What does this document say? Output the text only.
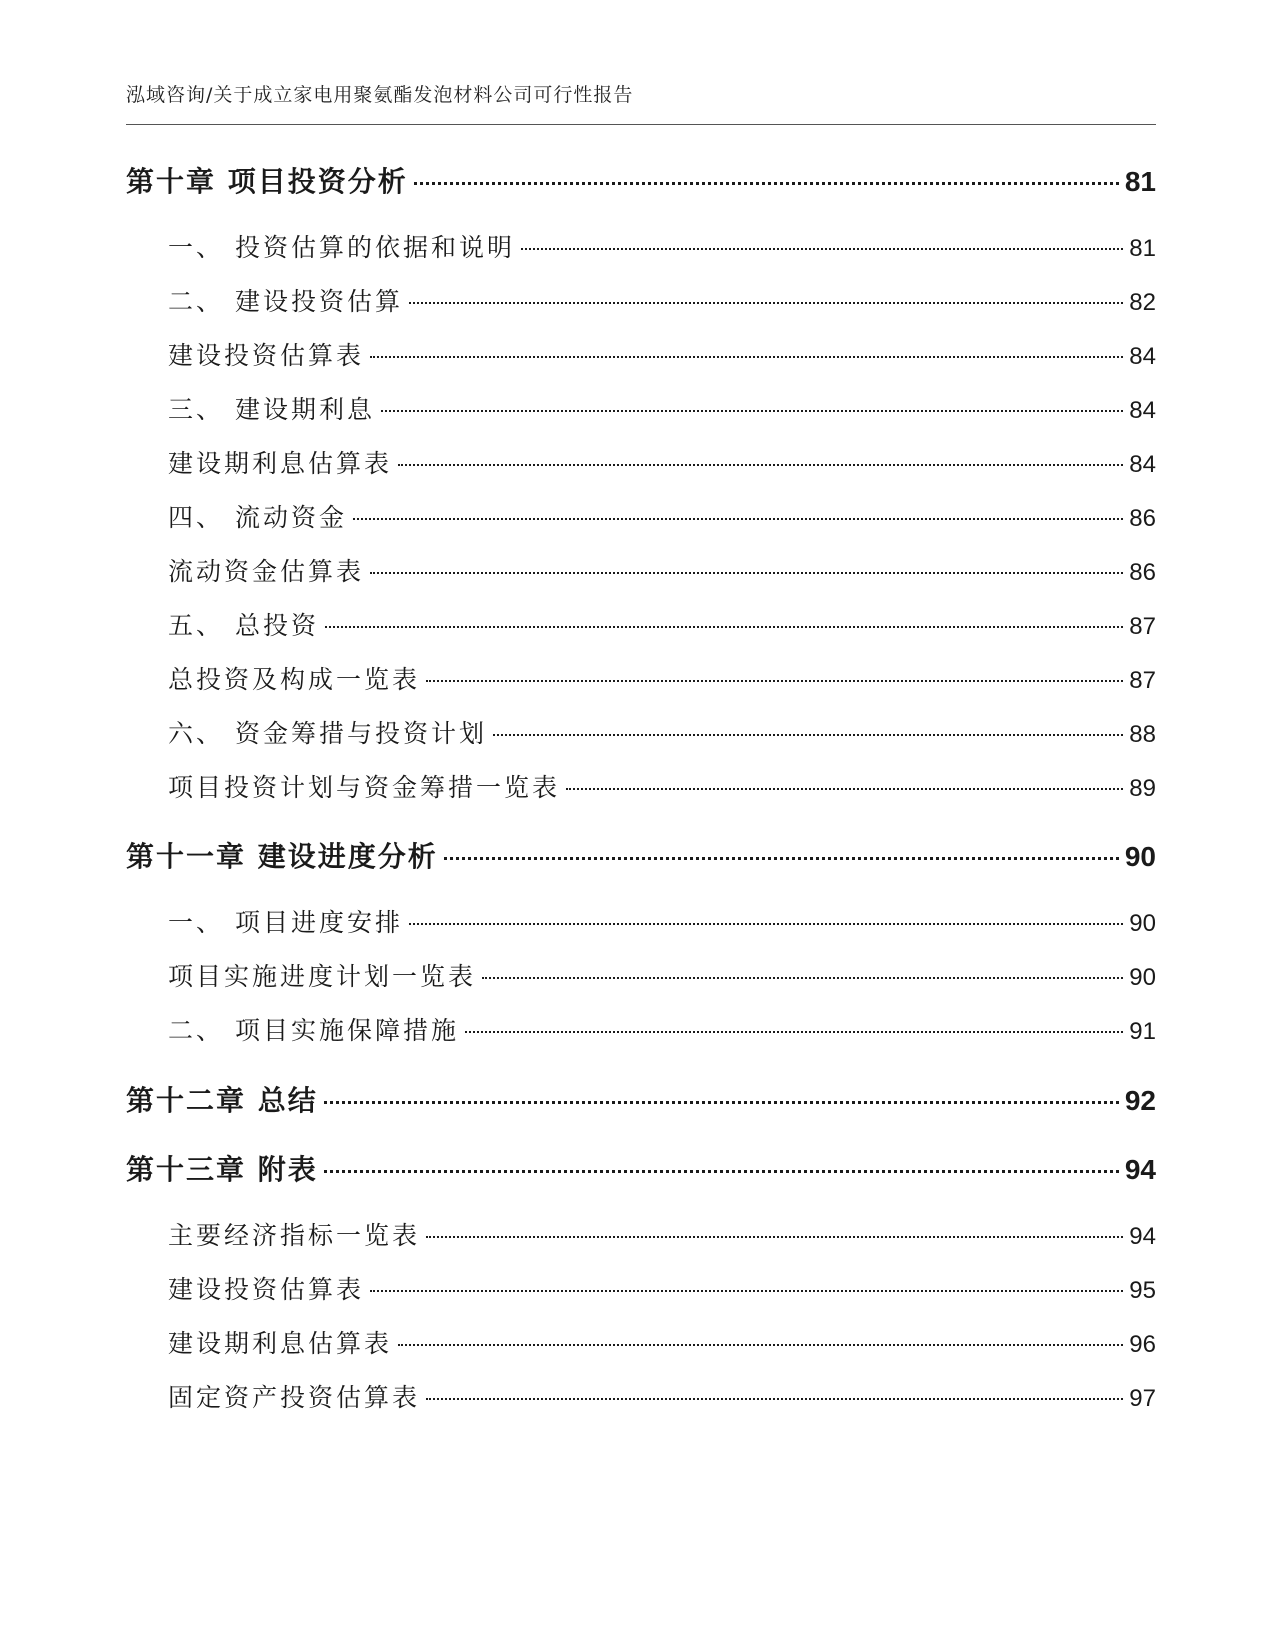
泓域咨询/关于成立家电用聚氨酯发泡材料公司可行性报告
第十章 项目投资分析	81
一、 投资估算的依据和说明	81
二、 建设投资估算	82
建设投资估算表	84
三、 建设期利息	84
建设期利息估算表	84
四、 流动资金	86
流动资金估算表	86
五、 总投资	87
总投资及构成一览表	87
六、 资金筹措与投资计划	88
项目投资计划与资金筹措一览表	89
第十一章 建设进度分析	90
一、 项目进度安排	90
项目实施进度计划一览表	90
二、 项目实施保障措施	91
第十二章 总结	92
第十三章 附表	94
主要经济指标一览表	94
建设投资估算表	95
建设期利息估算表	96
固定资产投资估算表	97
